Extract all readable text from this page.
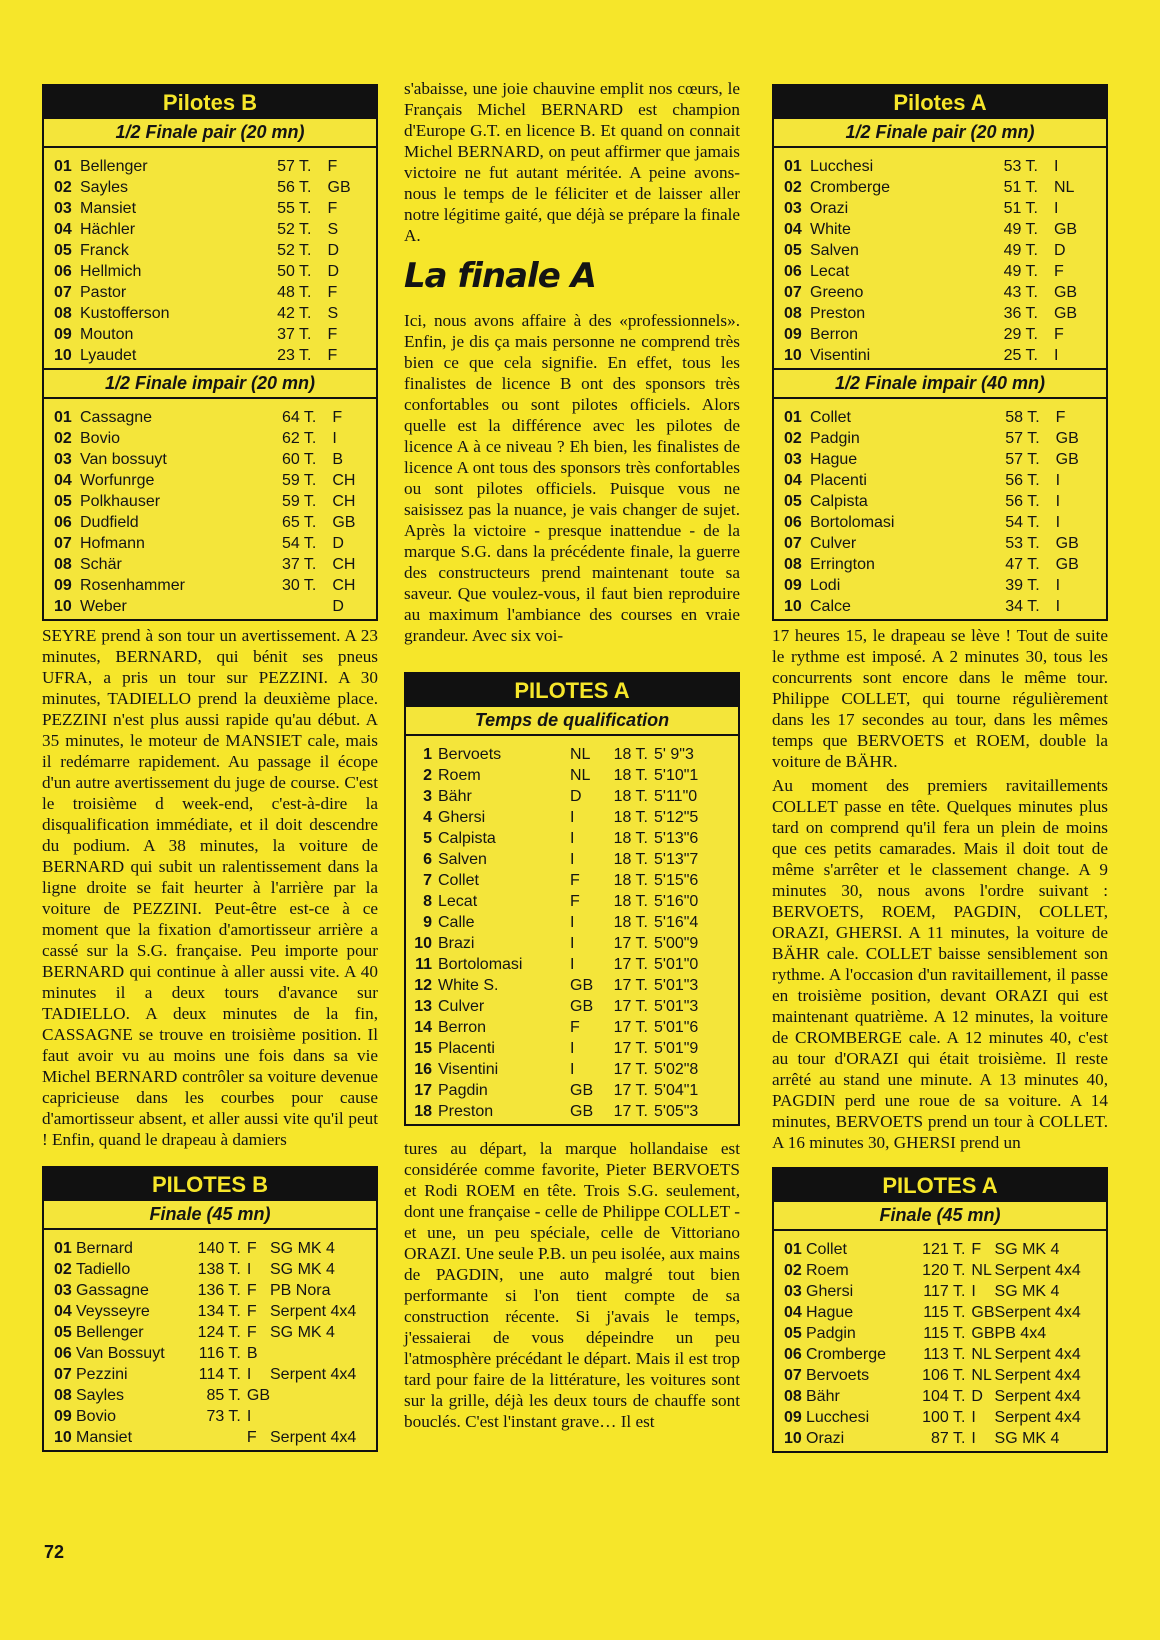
Pilotes B
1/2 Finale pair (20 mn)
01	Bellenger	57 T.	F
02	Sayles	56 T.	GB
03	Mansiet	55 T.	F
04	Hächler	52 T.	S
05	Franck	52 T.	D
06	Hellmich	50 T.	D
07	Pastor	48 T.	F
08	Kustofferson	42 T.	S
09	Mouton	37 T.	F
10	Lyaudet	23 T.	F
1/2 Finale impair (20 mn)
01	Cassagne	64 T.	F
02	Bovio	62 T.	I
03	Van bossuyt	60 T.	B
04	Worfunrge	59 T.	CH
05	Polkhauser	59 T.	CH
06	Dudfield	65 T.	GB
07	Hofmann	54 T.	D
08	Schär	37 T.	CH
09	Rosenhammer	30 T.	CH
10	Weber		D

SEYRE prend à son tour un avertissement. A 23 minutes, BERNARD, qui bénit ses pneus UFRA, a pris un tour sur PEZZINI. A 30 minutes, TADIELLO prend la deuxième place. PEZZINI n'est plus aussi rapide qu'au début. A 35 minutes, le moteur de MANSIET cale, mais il redémarre rapidement. Au passage il écope d'un autre avertissement du juge de course. C'est le troisième d week-end, c'est-à-dire la disqualification immédiate, et il doit descendre du podium. A 38 minutes, la voiture de BERNARD qui subit un ralentissement dans la ligne droite se fait heurter à l'arrière par la voiture de PEZZINI. Peut-être est-ce à ce moment que la fixation d'amortisseur arrière a cassé sur la S.G. française. Peu importe pour BERNARD qui continue à aller aussi vite. A 40 minutes il a deux tours d'avance sur TADIELLO. A deux minutes de la fin, CASSAGNE se trouve en troisième position. Il faut avoir vu au moins une fois dans sa vie Michel BERNARD contrôler sa voiture devenue capricieuse dans les courbes pour cause d'amortisseur absent, et aller aussi vite qu'il peut ! Enfin, quand le drapeau à damiers

PILOTES B
Finale (45 mn)
01	Bernard	140 T.	F	SG MK 4
02	Tadiello	138 T.	I	SG MK 4
03	Gassagne	136 T.	F	PB Nora
04	Veysseyre	134 T.	F	Serpent 4x4
05	Bellenger	124 T.	F	SG MK 4
06	Van Bossuyt	116 T.	B	
07	Pezzini	114 T.	I	Serpent 4x4
08	Sayles	85 T.	GB	
09	Bovio	73 T.	I	
10	Mansiet		F	Serpent 4x4

s'abaisse, une joie chauvine emplit nos cœurs, le Français Michel BERNARD est champion d'Europe G.T. en licence B. Et quand on connait Michel BERNARD, on peut affirmer que jamais victoire ne fut autant méritée. A peine avons-nous le temps de le féliciter et de laisser aller notre légitime gaité, que déjà se prépare la finale A.

La finale A

Ici, nous avons affaire à des «professionnels». Enfin, je dis ça mais personne ne comprend très bien ce que cela signifie. En effet, tous les finalistes de licence B ont des sponsors très confortables ou sont pilotes officiels. Alors quelle est la différence avec les pilotes de licence A à ce niveau ? Eh bien, les finalistes de licence A ont tous des sponsors très confortables ou sont pilotes officiels. Puisque vous ne saisissez pas la nuance, je vais changer de sujet. Après la victoire - presque inattendue - de la marque S.G. dans la précédente finale, la guerre des constructeurs prend maintenant toute sa saveur. Que voulez-vous, il faut bien reproduire au maximum l'ambiance des courses en vraie grandeur. Avec six voi-

PILOTES A
Temps de qualification
1	Bervoets	NL	18 T.	5' 9"3
2	Roem	NL	18 T.	5'10"1
3	Bähr	D	18 T.	5'11"0
4	Ghersi	I	18 T.	5'12"5
5	Calpista	I	18 T.	5'13"6
6	Salven	I	18 T.	5'13"7
7	Collet	F	18 T.	5'15"6
8	Lecat	F	18 T.	5'16"0
9	Calle	I	18 T.	5'16"4
10	Brazi	I	17 T.	5'00"9
11	Bortolomasi	I	17 T.	5'01"0
12	White S.	GB	17 T.	5'01"3
13	Culver	GB	17 T.	5'01"3
14	Berron	F	17 T.	5'01"6
15	Placenti	I	17 T.	5'01"9
16	Visentini	I	17 T.	5'02"8
17	Pagdin	GB	17 T.	5'04"1
18	Preston	GB	17 T.	5'05"3

tures au départ, la marque hollandaise est considérée comme favorite, Pieter BERVOETS et Rodi ROEM en tête. Trois S.G. seulement, dont une française - celle de Philippe COLLET - et une, un peu spéciale, celle de Vittoriano ORAZI. Une seule P.B. un peu isolée, aux mains de PAGDIN, une auto malgré tout bien performante si l'on tient compte de sa construction récente. Si j'avais le temps, j'essaierai de vous dépeindre un peu l'atmosphère précédant le départ. Mais il est trop tard pour faire de la littérature, les voitures sont sur la grille, déjà les deux tours de chauffe sont bouclés. C'est l'instant grave… Il est

Pilotes A
1/2 Finale pair (20 mn)
01	Lucchesi	53 T.	I
02	Cromberge	51 T.	NL
03	Orazi	51 T.	I
04	White	49 T.	GB
05	Salven	49 T.	D
06	Lecat	49 T.	F
07	Greeno	43 T.	GB
08	Preston	36 T.	GB
09	Berron	29 T.	F
10	Visentini	25 T.	I
1/2 Finale impair (40 mn)
01	Collet	58 T.	F
02	Padgin	57 T.	GB
03	Hague	57 T.	GB
04	Placenti	56 T.	I
05	Calpista	56 T.	I
06	Bortolomasi	54 T.	I
07	Culver	53 T.	GB
08	Errington	47 T.	GB
09	Lodi	39 T.	I
10	Calce	34 T.	I

17 heures 15, le drapeau se lève ! Tout de suite le rythme est imposé. A 2 minutes 30, tous les concurrents sont encore dans le même tour. Philippe COLLET, qui tourne régulièrement dans les 17 secondes au tour, dans les mêmes temps que BERVOETS et ROEM, double la voiture de BÄHR.

Au moment des premiers ravitaillements COLLET passe en tête. Quelques minutes plus tard on comprend qu'il fera un plein de moins que ces petits camarades. Mais il doit tout de même s'arrêter et le classement change. A 9 minutes 30, nous avons l'ordre suivant : BERVOETS, ROEM, PAGDIN, COLLET, ORAZI, GHERSI. A 11 minutes, la voiture de BÄHR cale. COLLET baisse sensiblement son rythme. A l'occasion d'un ravitaillement, il passe en troisième position, devant ORAZI qui est maintenant quatrième. A 12 minutes, la voiture de CROMBERGE cale. A 12 minutes 40, c'est au tour d'ORAZI qui était troisième. Il reste arrêté au stand une minute. A 13 minutes 40, PAGDIN perd une roue de sa voiture. A 14 minutes, BERVOETS prend un tour à COLLET. A 16 minutes 30, GHERSI prend un

PILOTES A
Finale (45 mn)
01	Collet	121 T.	F	SG MK 4
02	Roem	120 T.	NL	Serpent 4x4
03	Ghersi	117 T.	I	SG MK 4
04	Hague	115 T.	GB	Serpent 4x4
05	Padgin	115 T.	GB	PB 4x4
06	Cromberge	113 T.	NL	Serpent 4x4
07	Bervoets	106 T.	NL	Serpent 4x4
08	Bähr	104 T.	D	Serpent 4x4
09	Lucchesi	100 T.	I	Serpent 4x4
10	Orazi	87 T.	I	SG MK 4
72
